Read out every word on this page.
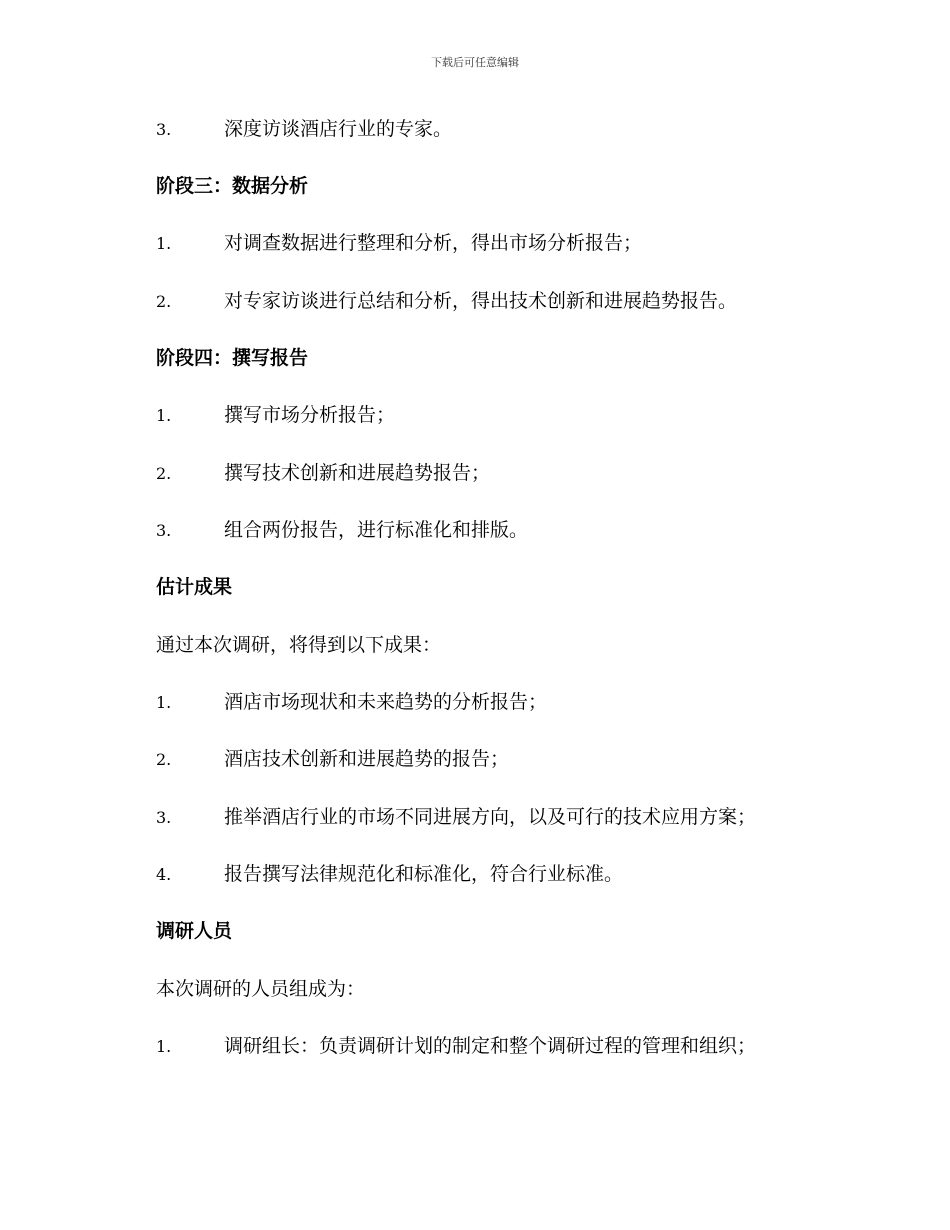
下载后可任意编辑
3.	深度访谈酒店行业的专家。
阶段三：数据分析
1.	对调查数据进行整理和分析，得出市场分析报告；
2.	对专家访谈进行总结和分析，得出技术创新和进展趋势报告。
阶段四：撰写报告
1.	撰写市场分析报告；
2.	撰写技术创新和进展趋势报告；
3.	组合两份报告，进行标准化和排版。
估计成果
通过本次调研，将得到以下成果：
1.	酒店市场现状和未来趋势的分析报告；
2.	酒店技术创新和进展趋势的报告；
3.	推举酒店行业的市场不同进展方向，以及可行的技术应用方案；
4.	报告撰写法律规范化和标准化，符合行业标准。
调研人员
本次调研的人员组成为：
1.	调研组长：负责调研计划的制定和整个调研过程的管理和组织；
